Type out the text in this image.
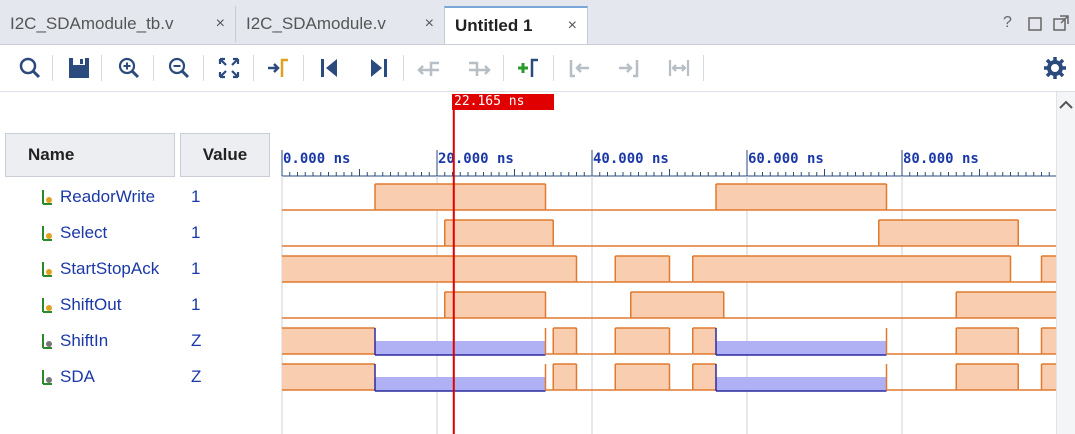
I2C_SDAmodule_tb.v	×	I2C_SDAmodule.v ×	Untitled 1 ×	?
Name	Value
ReadorWrite 1
Select	1
StartStopAck 1
ShiftOut	1
ShiftIn	Z
SDA	Z
0.000 ns	20.000 ns	40.000 ns	60.000 ns	80.000 ns
22.165 ns
